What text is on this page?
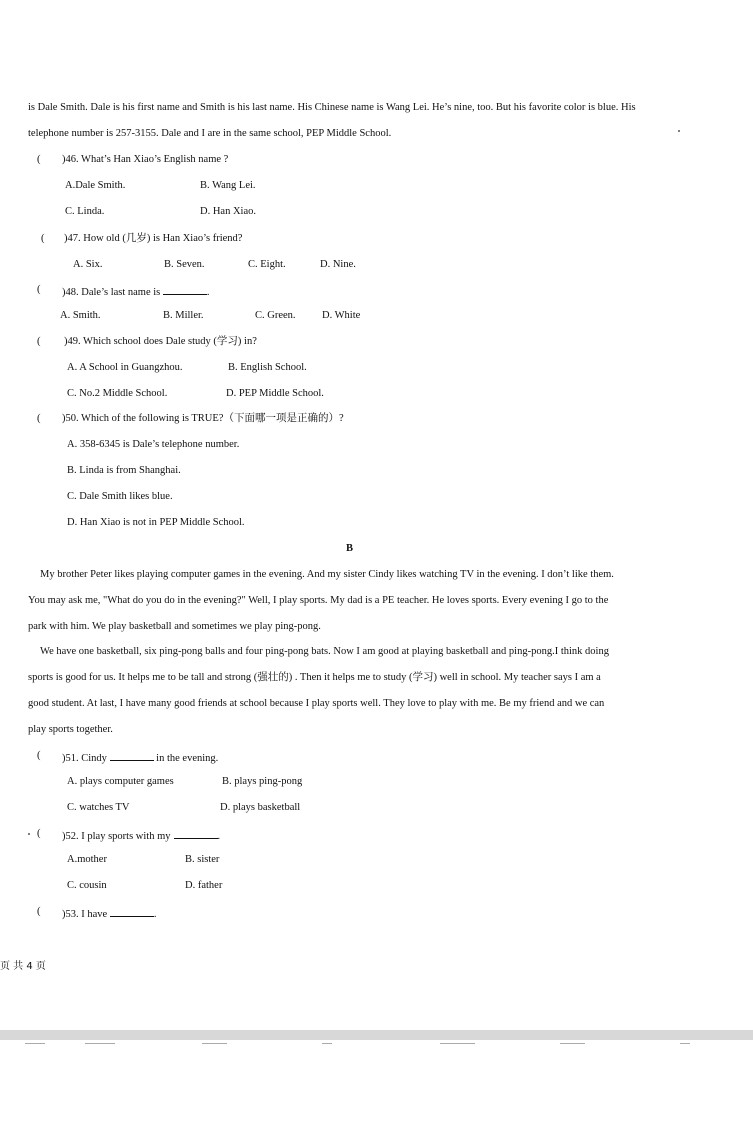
is Dale Smith. Dale is his first name and Smith is his last name. His Chinese name is Wang Lei. He’s nine, too. But his favorite color is blue. His
telephone number is 257-3155. Dale and I are in the same school, PEP Middle School.
( )46. What’s Han Xiao’s English name ?
A.Dale Smith.	B. Wang Lei.
C. Linda.	D. Han Xiao.
( )47. How old (几岁) is Han Xiao’s friend?
A. Six.	B. Seven.	C. Eight.	D. Nine.
( )48. Dale’s last name is	.
A. Smith.	B. Miller.	C. Green.	D. White
( )49. Which school does Dale study (学习) in?
A. A School in Guangzhou.	B. English School.
C. No.2 Middle School.	D. PEP Middle School.
( )50. Which of the following is TRUE?（下面哪一项是正确的）?
A. 358-6345 is Dale’s telephone number.
B. Linda is from Shanghai.
C. Dale Smith likes blue.
D. Han Xiao is not in PEP Middle School.
B
My brother Peter likes playing computer games in the evening. And my sister Cindy likes watching TV in the evening. I don’t like them.
You may ask me, "What do you do in the evening?" Well, I play sports. My dad is a PE teacher. He loves sports. Every evening I go to the
park with him. We play basketball and sometimes we play ping-pong.
We have one basketball, six ping-pong balls and four ping-pong bats. Now I am good at playing basketball and ping-pong.I think doing
sports is good for us. It helps me to be tall and strong (强壮的) . Then it helps me to study (学习) well in school. My teacher says I am a
good student. At last, I have many good friends at school because I play sports well. They love to play with me. Be my friend and we can
play sports together.
( )51. Cindy	in the evening.
A. plays computer games	B. plays ping-pong
C. watches TV	D. plays basketball
( )52. I play sports with my	.
A.mother	B. sister
C. cousin	D. father
( )53. I have	.
页 共 4 页
